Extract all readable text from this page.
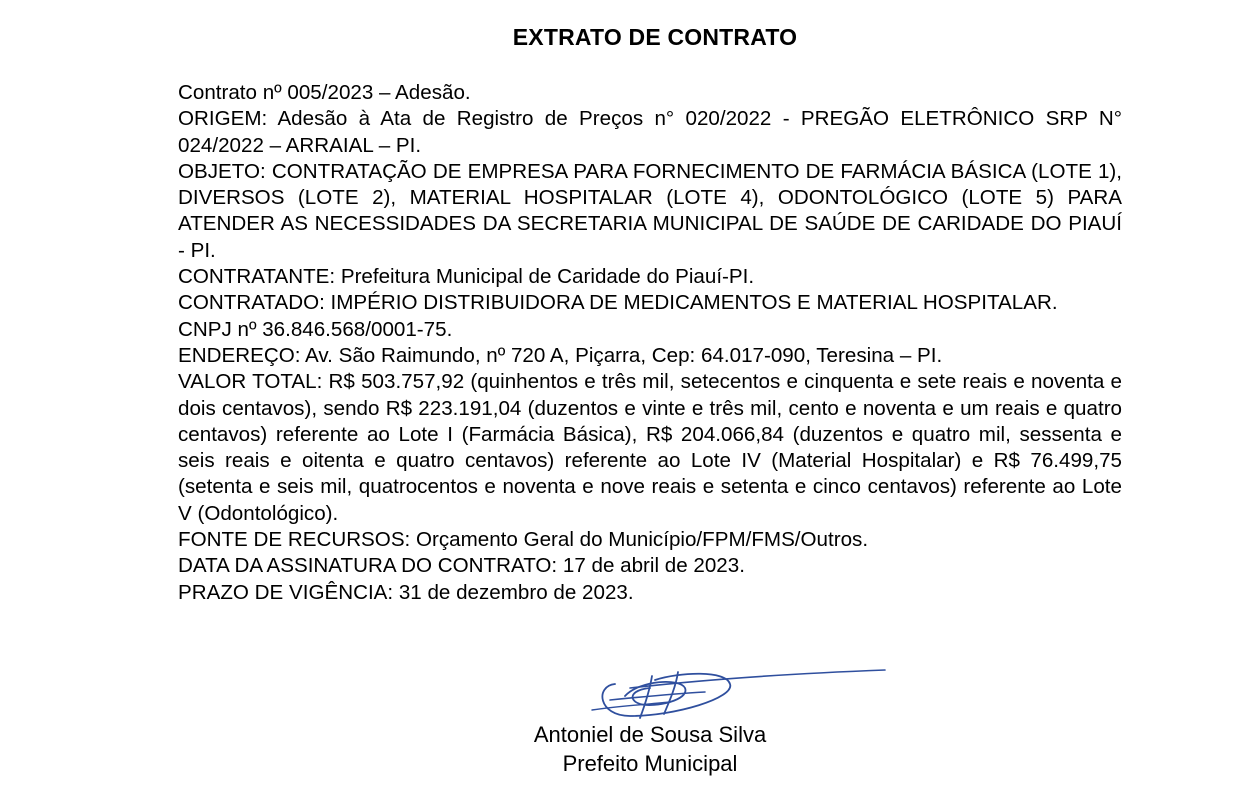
EXTRATO DE CONTRATO

Contrato nº 005/2023 – Adesão.

ORIGEM: Adesão à Ata de Registro de Preços n° 020/2022 - PREGÃO ELETRÔNICO SRP N° 024/2022 – ARRAIAL – PI.

OBJETO: CONTRATAÇÃO DE EMPRESA PARA FORNECIMENTO DE FARMÁCIA BÁSICA (LOTE 1), DIVERSOS (LOTE 2), MATERIAL HOSPITALAR (LOTE 4), ODONTOLÓGICO (LOTE 5) PARA ATENDER AS NECESSIDADES DA SECRETARIA MUNICIPAL DE SAÚDE DE CARIDADE DO PIAUÍ - PI.

CONTRATANTE: Prefeitura Municipal de Caridade do Piauí-PI.

CONTRATADO: IMPÉRIO DISTRIBUIDORA DE MEDICAMENTOS E MATERIAL HOSPITALAR.

CNPJ nº 36.846.568/0001-75.

ENDEREÇO: Av. São Raimundo, nº 720 A, Piçarra, Cep: 64.017-090, Teresina – PI.

VALOR TOTAL: R$ 503.757,92 (quinhentos e três mil, setecentos e cinquenta e sete reais e noventa e dois centavos), sendo R$ 223.191,04 (duzentos e vinte e três mil, cento e noventa e um reais e quatro centavos) referente ao Lote I (Farmácia Básica), R$ 204.066,84 (duzentos e quatro mil, sessenta e seis reais e oitenta e quatro centavos) referente ao Lote IV (Material Hospitalar) e R$ 76.499,75 (setenta e seis mil, quatrocentos e noventa e nove reais e setenta e cinco centavos) referente ao Lote V (Odontológico).

FONTE DE RECURSOS: Orçamento Geral do Município/FPM/FMS/Outros.

DATA DA ASSINATURA DO CONTRATO: 17 de abril de 2023.

PRAZO DE VIGÊNCIA: 31 de dezembro de 2023.

Antoniel de Sousa Silva
Prefeito Municipal
